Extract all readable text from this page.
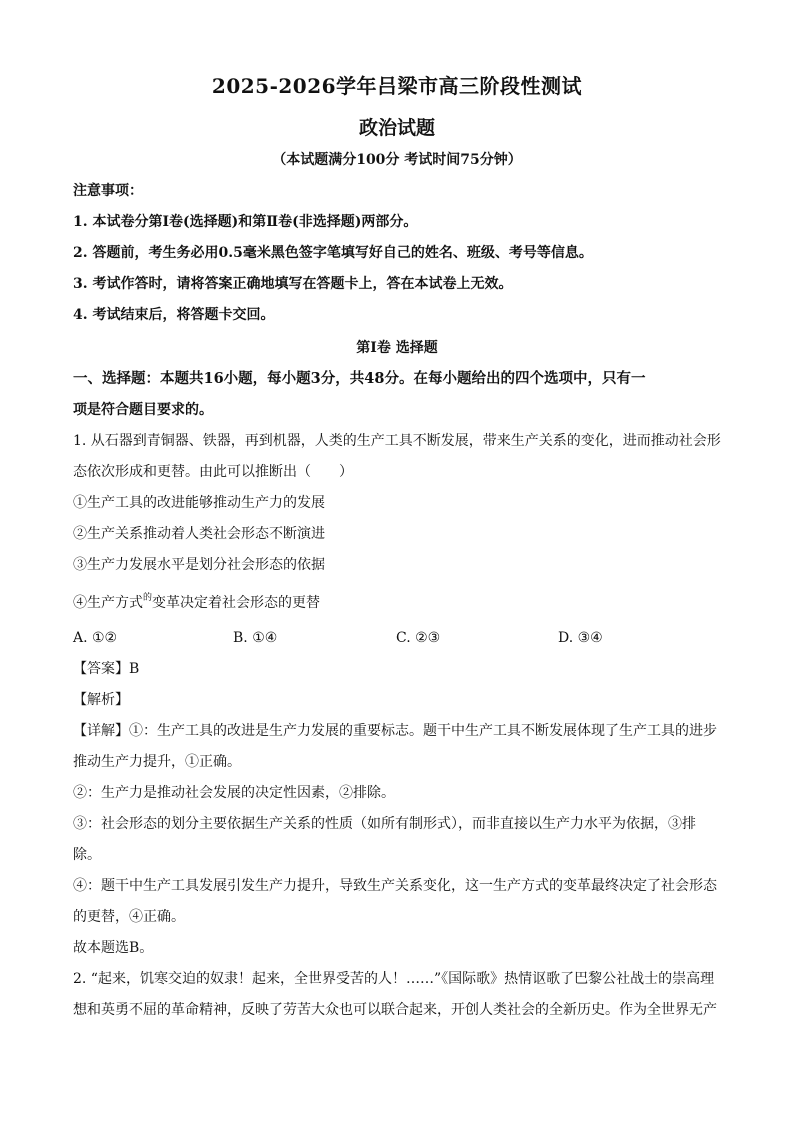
2025-2026学年吕梁市高三阶段性测试
政治试题
（本试题满分100分 考试时间75分钟）
注意事项：
1. 本试卷分第Ⅰ卷(选择题)和第Ⅱ卷(非选择题)两部分。
2. 答题前，考生务必用0.5毫米黑色签字笔填写好自己的姓名、班级、考号等信息。
3. 考试作答时，请将答案正确地填写在答题卡上，答在本试卷上无效。
4. 考试结束后，将答题卡交回。
第Ⅰ卷 选择题
一、选择题：本题共16小题，每小题3分，共48分。在每小题给出的四个选项中，只有一
项是符合题目要求的。
1. 从石器到青铜器、铁器，再到机器，人类的生产工具不断发展，带来生产关系的变化，进而推动社会形
态依次形成和更替。由此可以推断出（　　）
①生产工具的改进能够推动生产力的发展
②生产关系推动着人类社会形态不断演进
③生产力发展水平是划分社会形态的依据
④生产方式$^的$变革决定着社会形态的更替
A. ①②	B. ①④	C. ②③	D. ③④
【答案】B
【解析】
【详解】①：生产工具的改进是生产力发展的重要标志。题干中生产工具不断发展体现了生产工具的进步
推动生产力提升，①正确。
②：生产力是推动社会发展的决定性因素，②排除。
③：社会形态的划分主要依据生产关系的性质（如所有制形式），而非直接以生产力水平为依据，③排
除。
④：题干中生产工具发展引发生产力提升，导致生产关系变化，这一生产方式的变革最终决定了社会形态
的更替，④正确。
故本题选B。
2. “起来，饥寒交迫的奴隶！起来，全世界受苦的人！……”《国际歌》热情讴歌了巴黎公社战士的崇高理
想和英勇不屈的革命精神，反映了劳苦大众也可以联合起来，开创人类社会的全新历史。作为全世界无产
